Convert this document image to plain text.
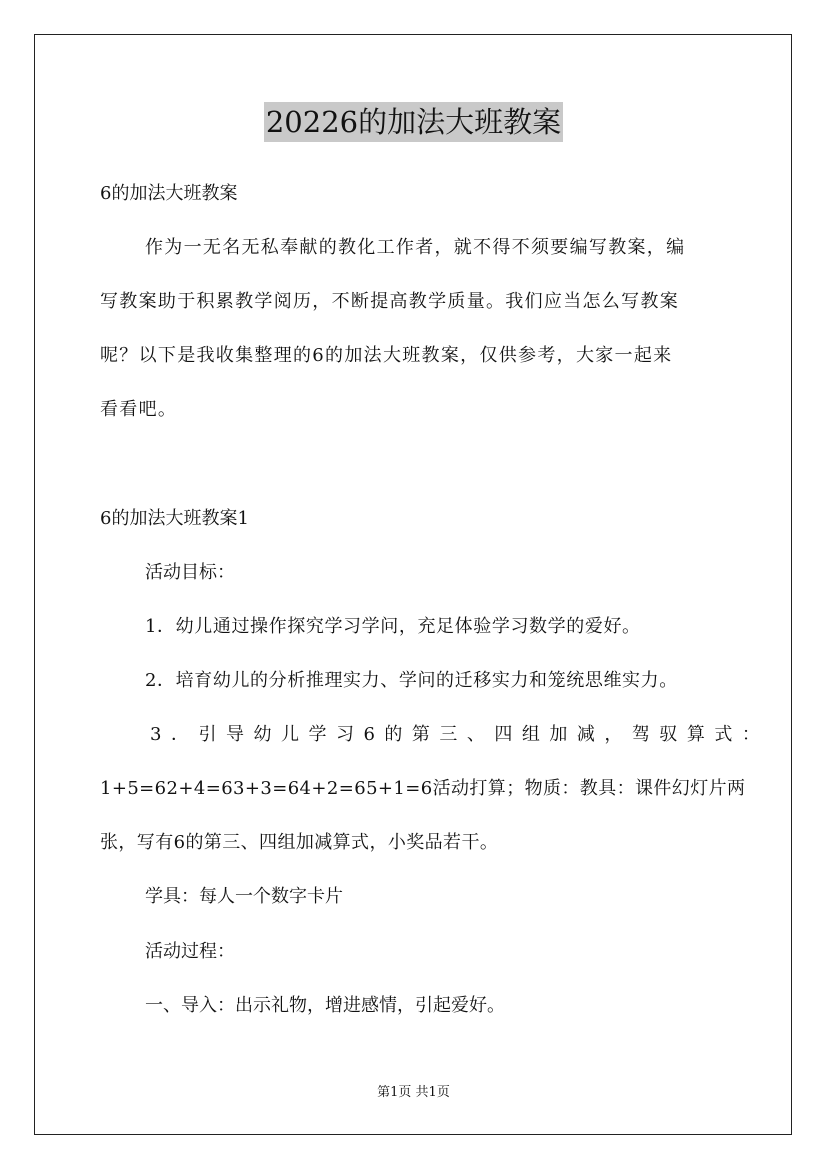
20226的加法大班教案
6的加法大班教案
作为一无名无私奉献的教化工作者，就不得不须要编写教案，编
写教案助于积累教学阅历，不断提高教学质量。我们应当怎么写教案
呢？以下是我收集整理的6的加法大班教案，仅供参考，大家一起来
看看吧。
6的加法大班教案1
活动目标：
1．幼儿通过操作探究学习学问，充足体验学习数学的爱好。
2．培育幼儿的分析推理实力、学问的迁移实力和笼统思维实力。
3．引导幼儿学习6的第三、四组加减，驾驭算式：
1+5=62+4=63+3=64+2=65+1=6活动打算；物质：教具：课件幻灯片两
张，写有6的第三、四组加减算式，小奖品若干。
学具：每人一个数字卡片
活动过程：
一、导入：出示礼物，增进感情，引起爱好。
第1页 共1页
